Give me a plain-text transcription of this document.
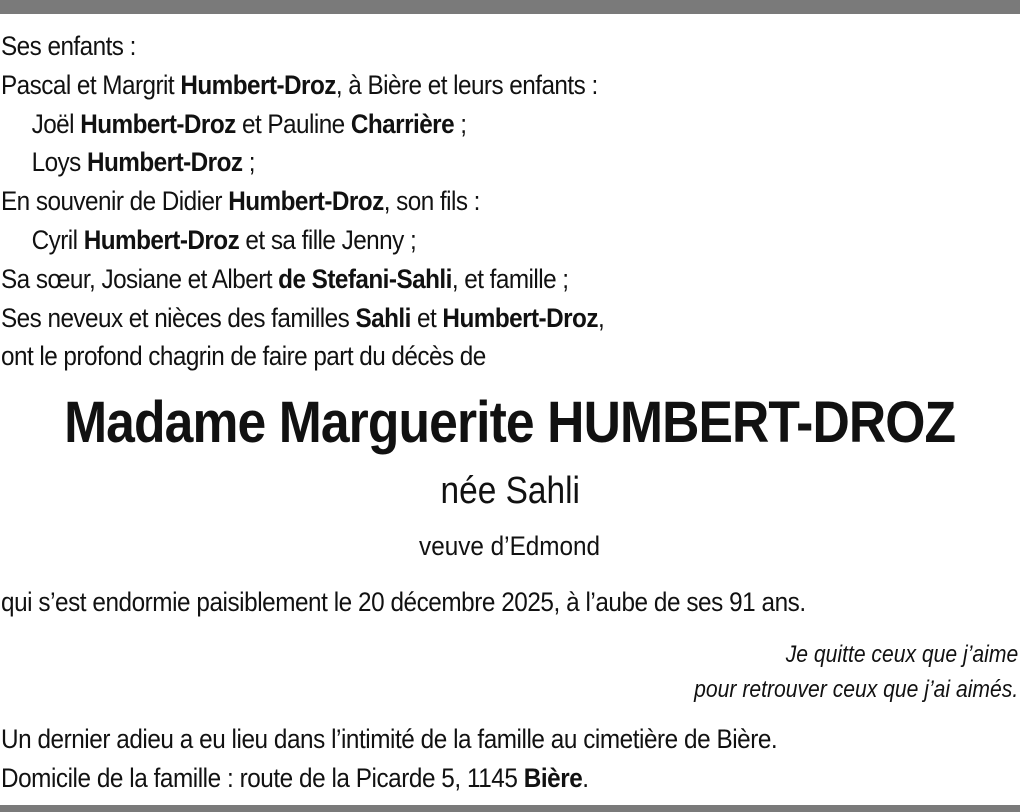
Ses enfants :
Pascal et Margrit Humbert-Droz, à Bière et leurs enfants :
Joël Humbert-Droz et Pauline Charrière ;
Loys Humbert-Droz ;
En souvenir de Didier Humbert-Droz, son fils :
Cyril Humbert-Droz et sa fille Jenny ;
Sa sœur, Josiane et Albert de Stefani-Sahli, et famille ;
Ses neveux et nièces des familles Sahli et Humbert-Droz,
ont le profond chagrin de faire part du décès de
Madame Marguerite HUMBERT-DROZ
née Sahli
veuve d’Edmond
qui s’est endormie paisiblement le 20 décembre 2025, à l’aube de ses 91 ans.
Je quitte ceux que j’aime
pour retrouver ceux que j’ai aimés.
Un dernier adieu a eu lieu dans l’intimité de la famille au cimetière de Bière.
Domicile de la famille : route de la Picarde 5, 1145 Bière.
